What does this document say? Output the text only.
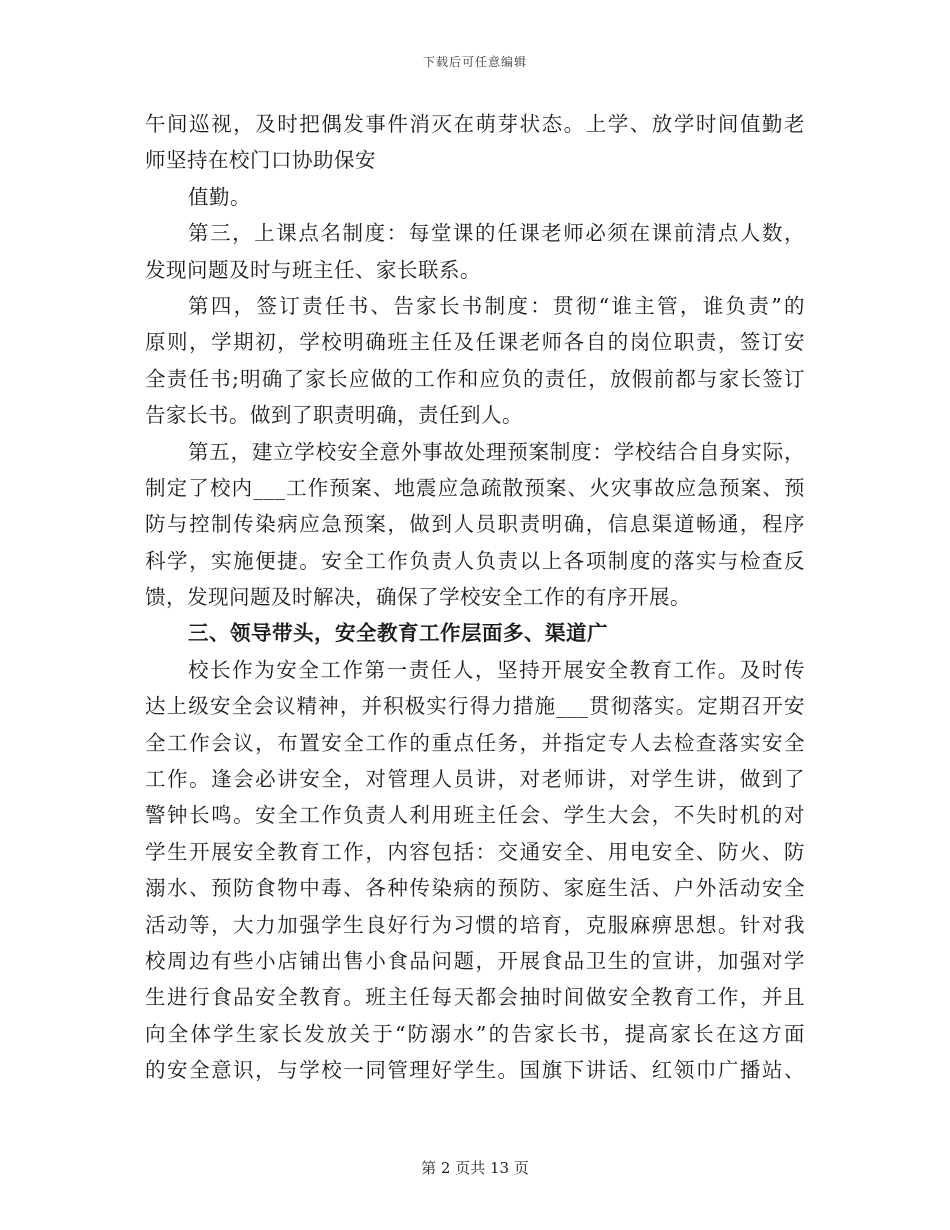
下载后可任意编辑
午间巡视，及时把偶发事件消灭在萌芽状态。上学、放学时间值勤老
师坚持在校门口协助保安
值勤。
第三，上课点名制度：每堂课的任课老师必须在课前清点人数，
发现问题及时与班主任、家长联系。
第四，签订责任书、告家长书制度：贯彻“谁主管，谁负责”的
原则，学期初，学校明确班主任及任课老师各自的岗位职责，签订安
全责任书;明确了家长应做的工作和应负的责任，放假前都与家长签订
告家长书。做到了职责明确，责任到人。
第五，建立学校安全意外事故处理预案制度：学校结合自身实际，
制定了校内___工作预案、地震应急疏散预案、火灾事故应急预案、预
防与控制传染病应急预案，做到人员职责明确，信息渠道畅通，程序
科学，实施便捷。安全工作负责人负责以上各项制度的落实与检查反
馈，发现问题及时解决，确保了学校安全工作的有序开展。
三、领导带头，安全教育工作层面多、渠道广
校长作为安全工作第一责任人，坚持开展安全教育工作。及时传
达上级安全会议精神，并积极实行得力措施___贯彻落实。定期召开安
全工作会议，布置安全工作的重点任务，并指定专人去检查落实安全
工作。逢会必讲安全，对管理人员讲，对老师讲，对学生讲，做到了
警钟长鸣。安全工作负责人利用班主任会、学生大会，不失时机的对
学生开展安全教育工作，内容包括：交通安全、用电安全、防火、防
溺水、预防食物中毒、各种传染病的预防、家庭生活、户外活动安全
活动等，大力加强学生良好行为习惯的培育，克服麻痹思想。针对我
校周边有些小店铺出售小食品问题，开展食品卫生的宣讲，加强对学
生进行食品安全教育。班主任每天都会抽时间做安全教育工作，并且
向全体学生家长发放关于“防溺水”的告家长书，提高家长在这方面
的安全意识，与学校一同管理好学生。国旗下讲话、红领巾广播站、
第 2 页共 13 页
